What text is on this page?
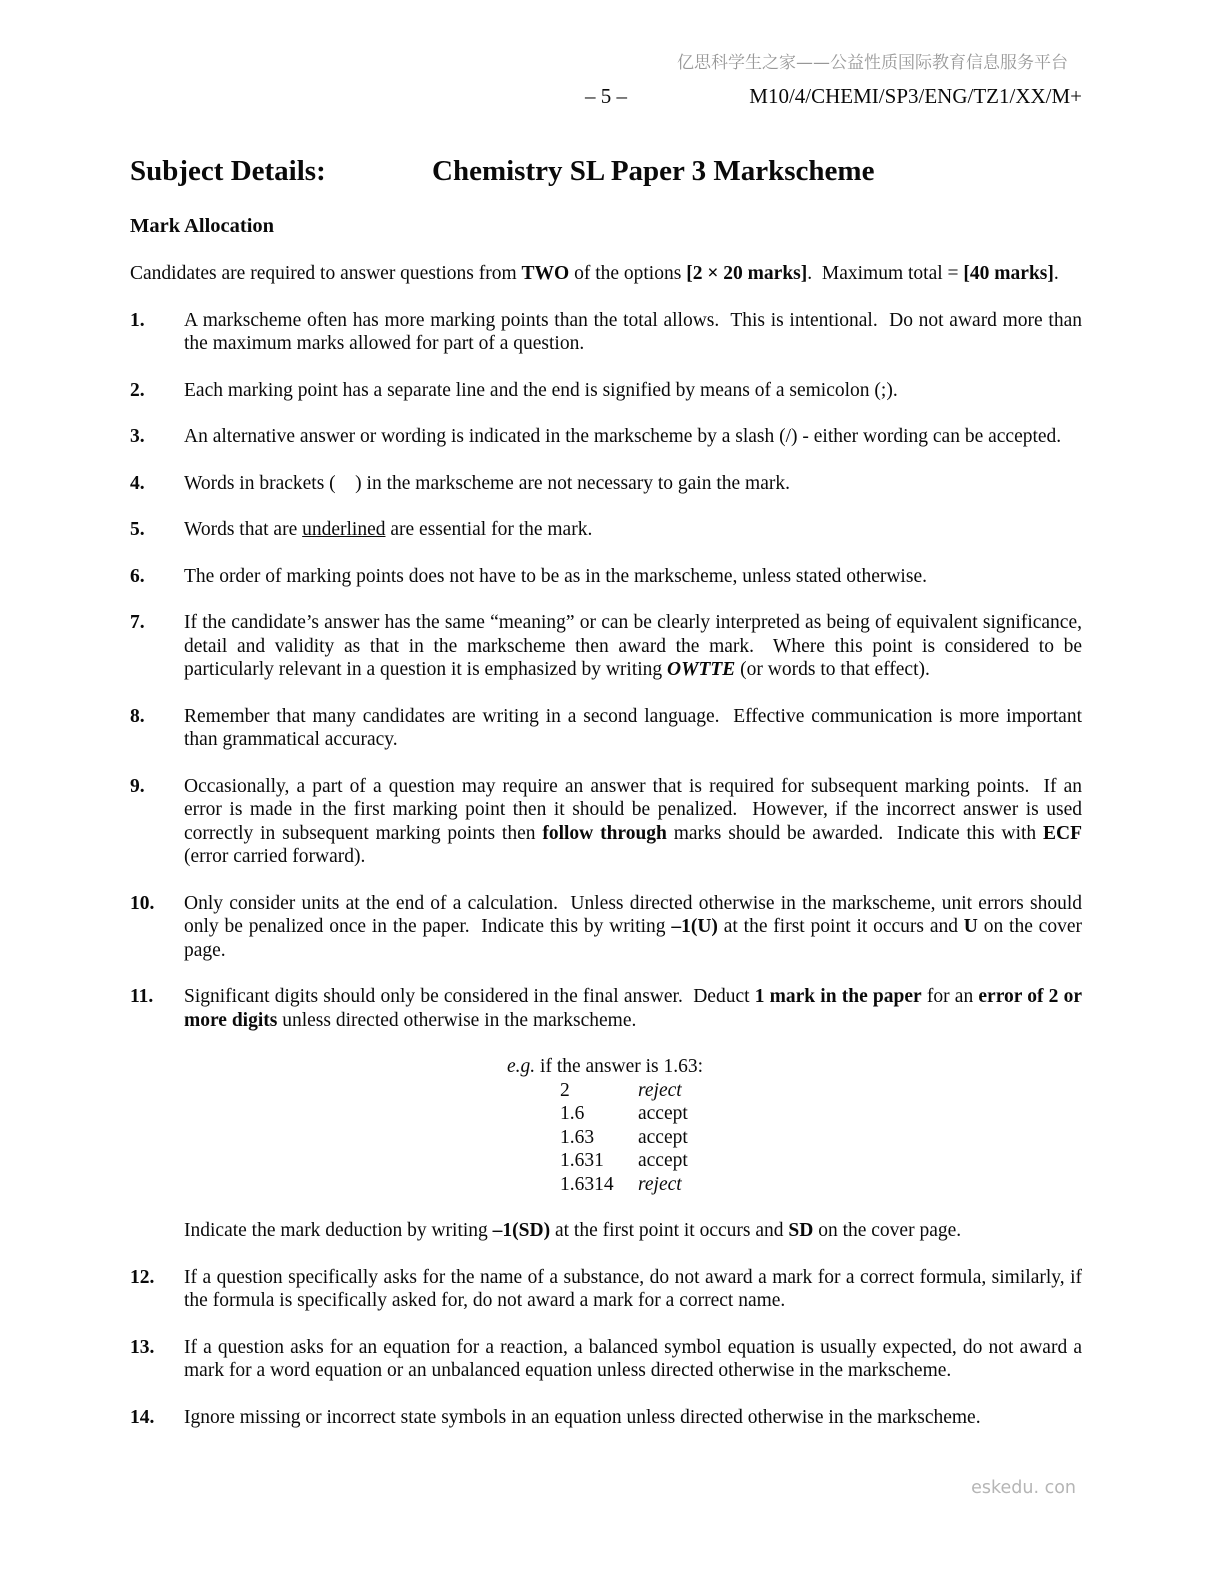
亿思科学生之家——公益性质国际教育信息服务平台
– 5 –	M10/4/CHEMI/SP3/ENG/TZ1/XX/M+
Subject Details:	Chemistry SL Paper 3 Markscheme
Mark Allocation

Candidates are required to answer questions from TWO of the options [2 × 20 marks].  Maximum total = [40 marks].

1.	A markscheme often has more marking points than the total allows.  This is intentional.  Do not award more than the maximum marks allowed for part of a question.

2.	Each marking point has a separate line and the end is signified by means of a semicolon (;).

3.	An alternative answer or wording is indicated in the markscheme by a slash (/) - either wording can be accepted.

4.	Words in brackets (    ) in the markscheme are not necessary to gain the mark.

5.	Words that are underlined are essential for the mark.

6.	The order of marking points does not have to be as in the markscheme, unless stated otherwise.

7.	If the candidate’s answer has the same “meaning” or can be clearly interpreted as being of equivalent significance, detail and validity as that in the markscheme then award the mark.  Where this point is considered to be particularly relevant in a question it is emphasized by writing OWTTE (or words to that effect).

8.	Remember that many candidates are writing in a second language.  Effective communication is more important than grammatical accuracy.

9.	Occasionally, a part of a question may require an answer that is required for subsequent marking points.  If an error is made in the first marking point then it should be penalized.  However, if the incorrect answer is used correctly in subsequent marking points then follow through marks should be awarded.  Indicate this with ECF (error carried forward).

10.	Only consider units at the end of a calculation.  Unless directed otherwise in the markscheme, unit errors should only be penalized once in the paper.  Indicate this by writing –1(U) at the first point it occurs and U on the cover page.

11.	Significant digits should only be considered in the final answer.  Deduct 1 mark in the paper for an error of 2 or more digits unless directed otherwise in the markscheme.

e.g. if the answer is 1.63:
2	reject
1.6	accept
1.63	accept
1.631	accept
1.6314	reject

Indicate the mark deduction by writing –1(SD) at the first point it occurs and SD on the cover page.

12.	If a question specifically asks for the name of a substance, do not award a mark for a correct formula, similarly, if the formula is specifically asked for, do not award a mark for a correct name.

13.	If a question asks for an equation for a reaction, a balanced symbol equation is usually expected, do not award a mark for a word equation or an unbalanced equation unless directed otherwise in the markscheme.

14.	Ignore missing or incorrect state symbols in an equation unless directed otherwise in the markscheme.

eskedu. con
